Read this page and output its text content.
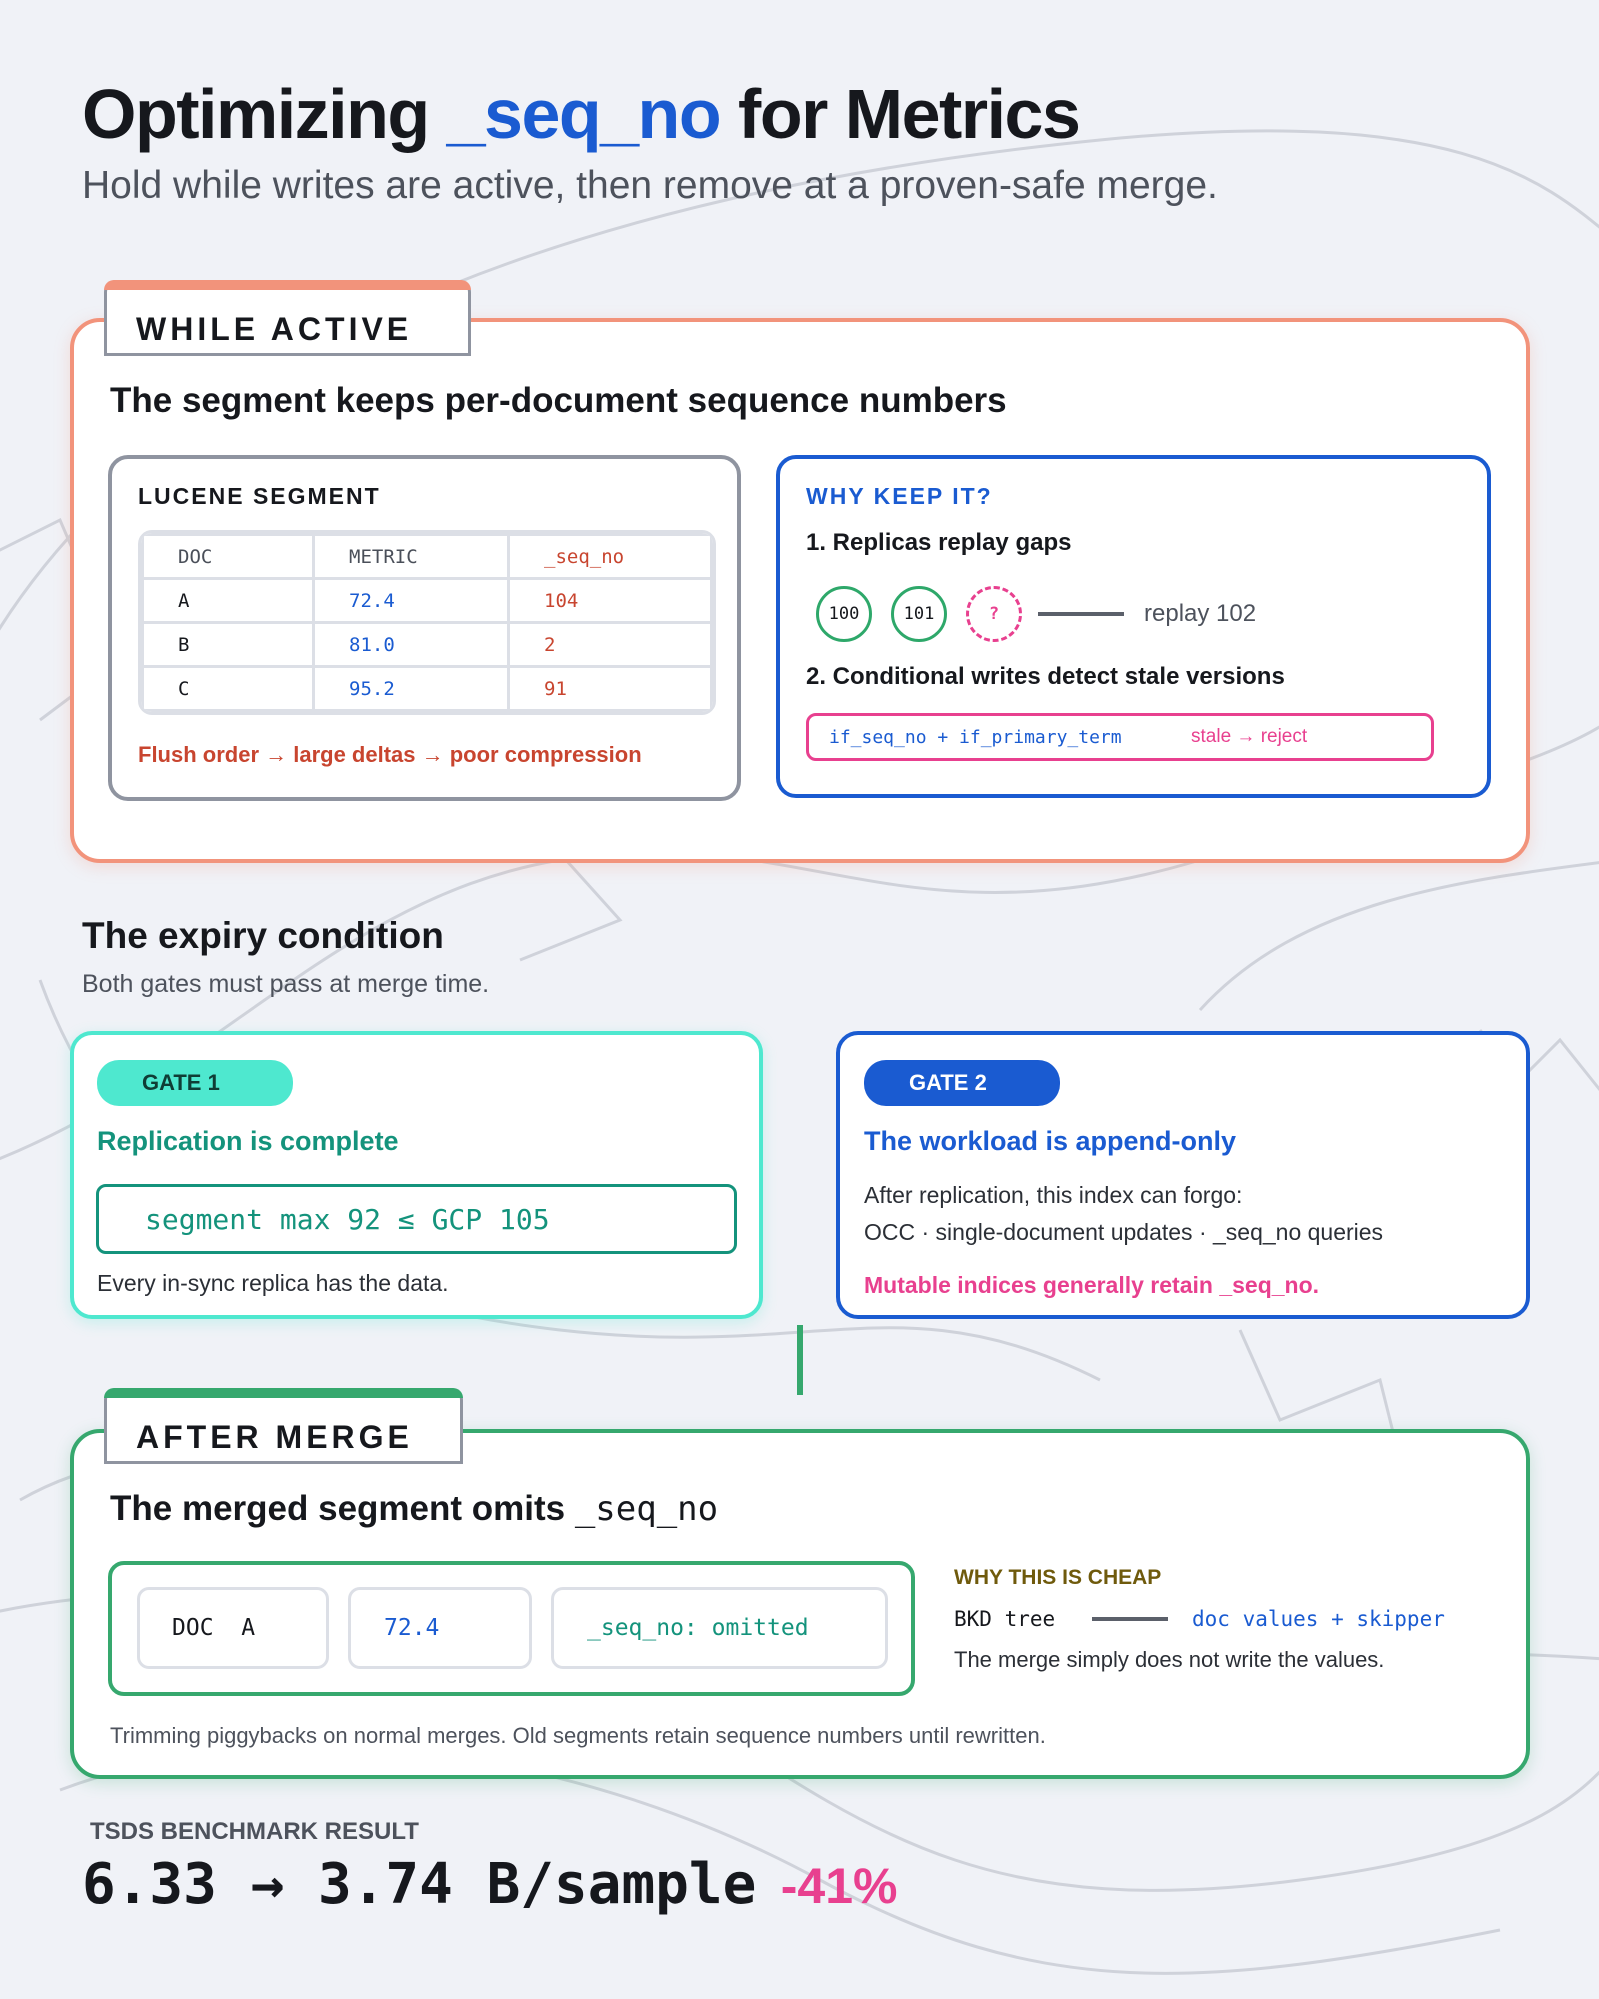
Optimizing _seq_no for Metrics
Hold while writes are active, then remove at a proven-safe merge.
WHILE ACTIVE
The segment keeps per-document sequence numbers
LUCENE SEGMENT
DOC	METRIC	_seq_no
A	72.4	104
B	81.0	2
C	95.2	91
Flush order → large deltas → poor compression
WHY KEEP IT?
1. Replicas replay gaps
100	101	?	replay 102
2. Conditional writes detect stale versions
if_seq_no + if_primary_term	stale → reject
The expiry condition
Both gates must pass at merge time.
GATE 1
Replication is complete
segment max 92 ≤ GCP 105
Every in-sync replica has the data.
GATE 2
The workload is append-only
After replication, this index can forgo:
OCC · single-document updates · _seq_no queries
Mutable indices generally retain _seq_no.
AFTER MERGE
The merged segment omits _seq_no
DOC  A	72.4	_seq_no: omitted
WHY THIS IS CHEAP
BKD tree	doc values + skipper
The merge simply does not write the values.
Trimming piggybacks on normal merges. Old segments retain sequence numbers until rewritten.
TSDS BENCHMARK RESULT
6.33 → 3.74 B/sample -41%
